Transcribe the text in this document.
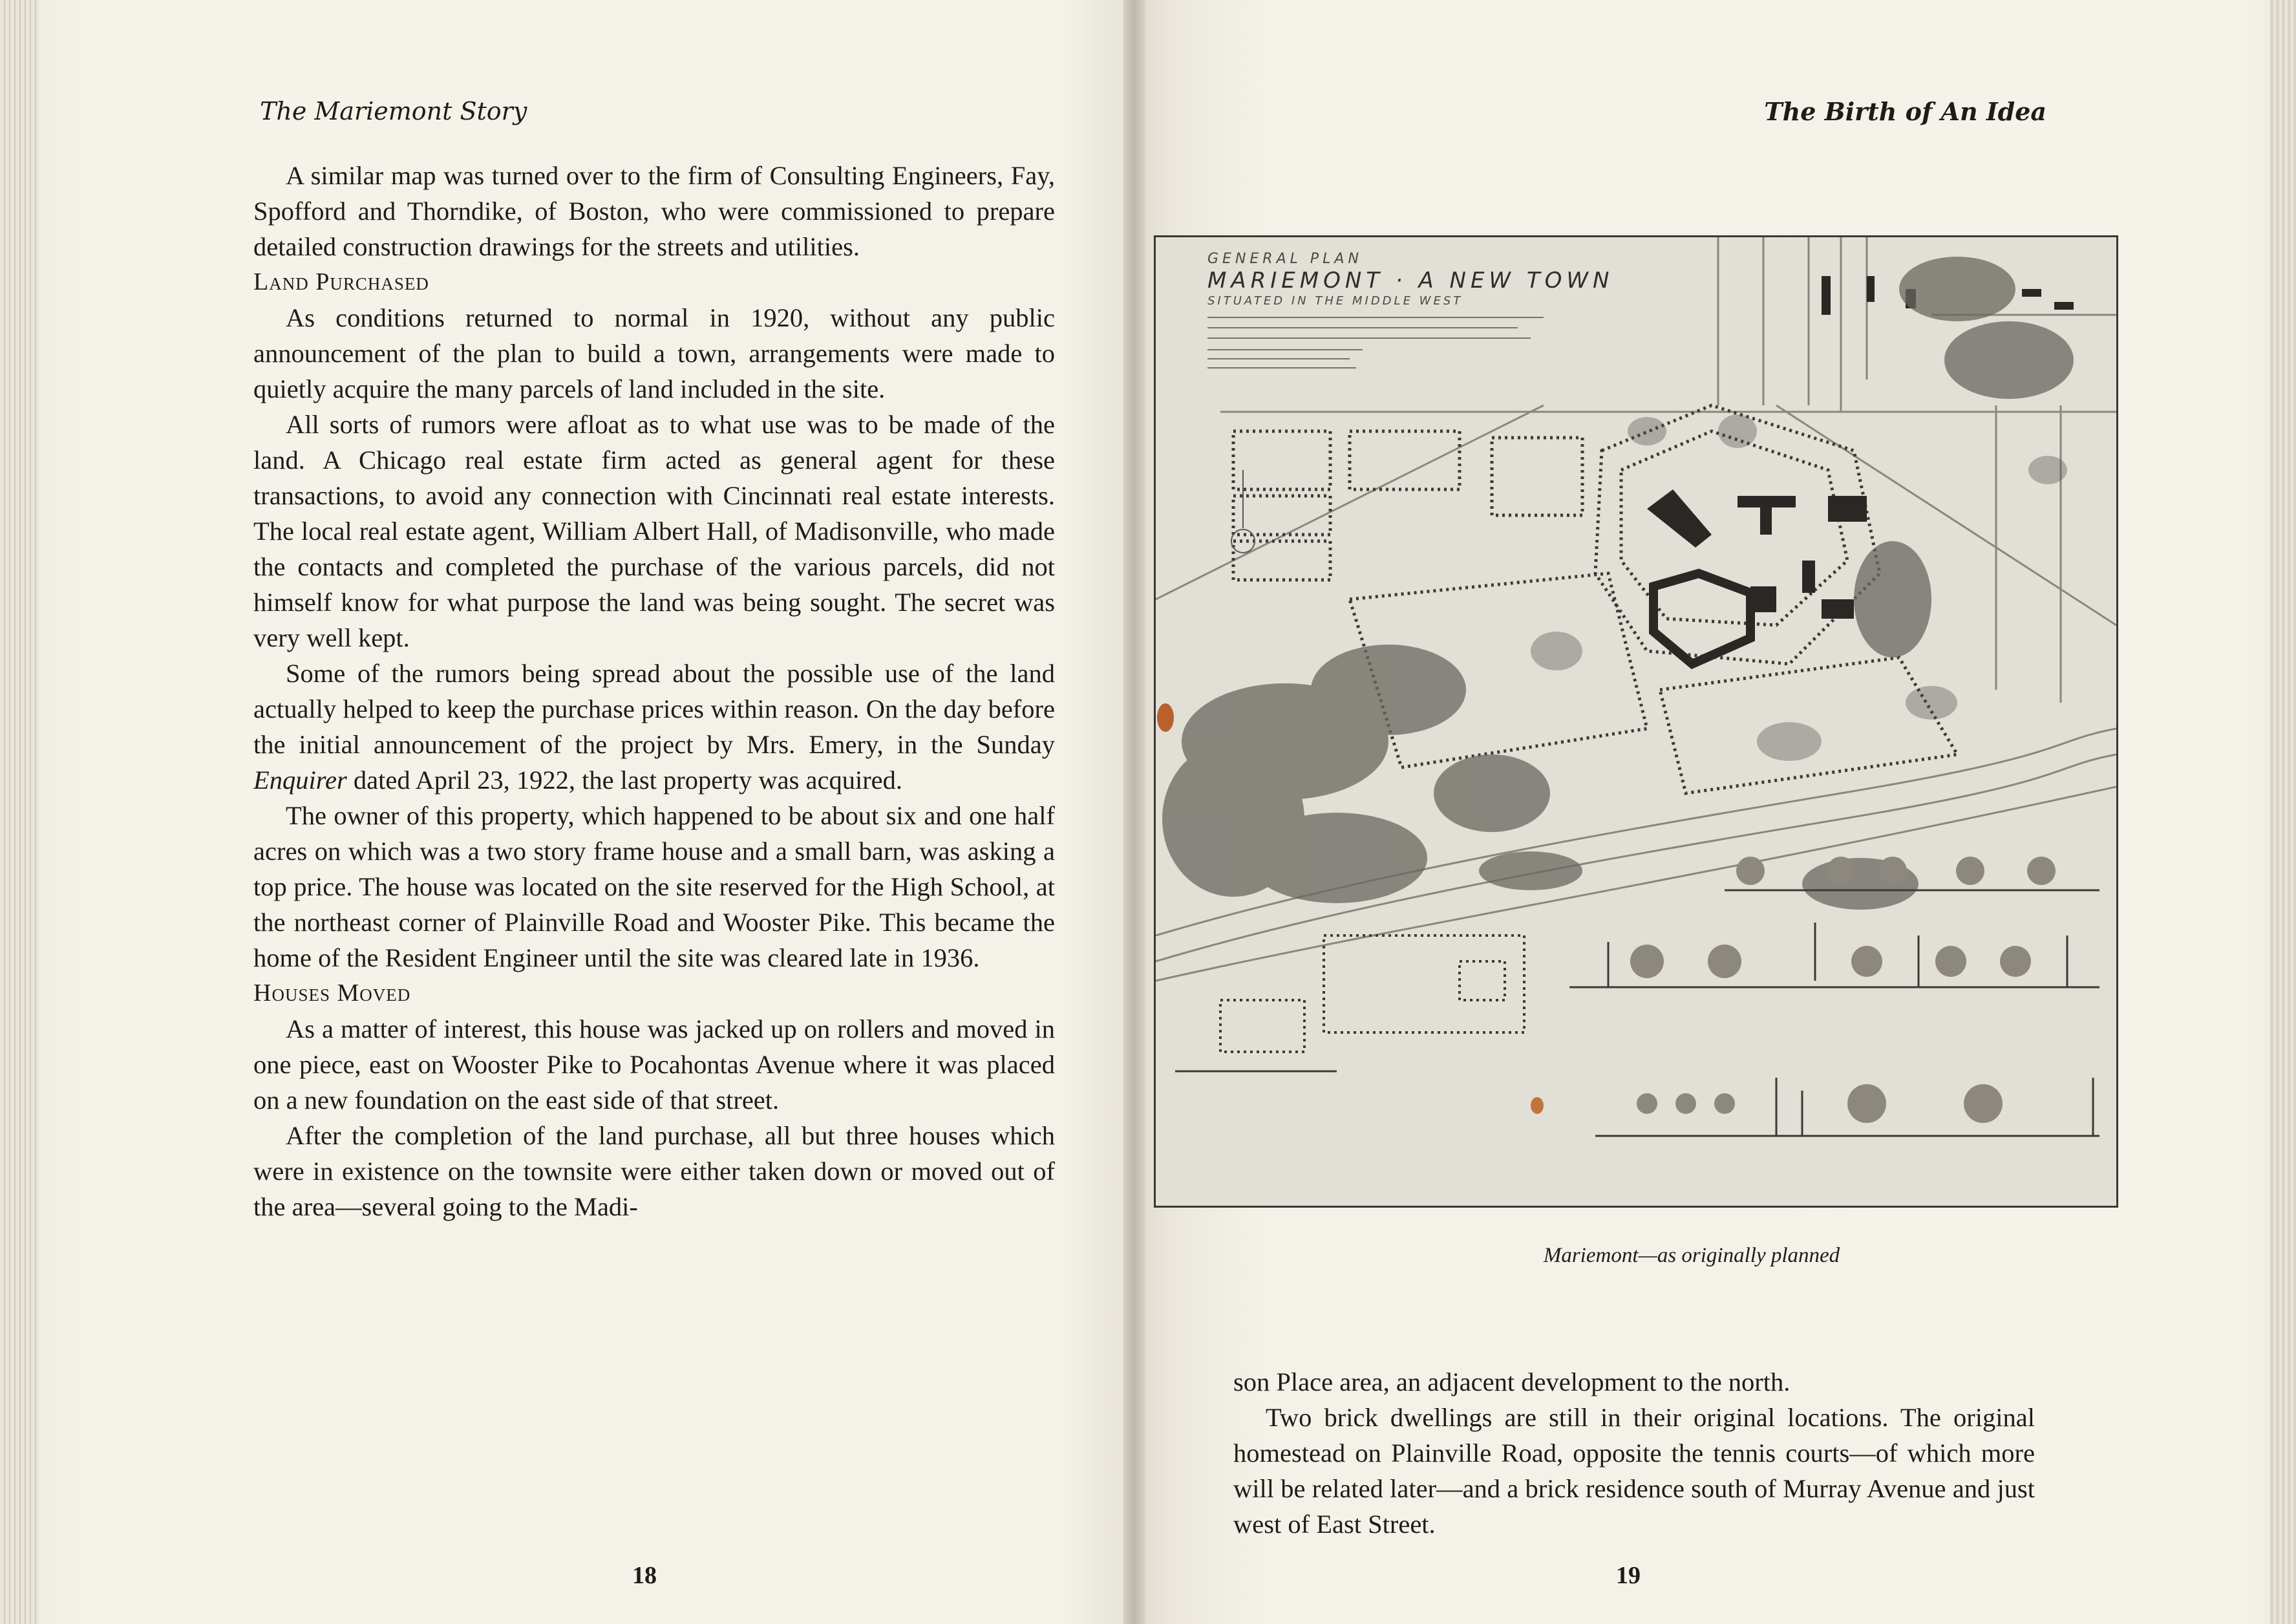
The Mariemont Story	The Birth of An Idea

A similar map was turned over to the firm of Consulting Engineers, Fay, Spofford and Thorndike, of Boston, who were commissioned to prepare detailed construction drawings for the streets and utilities.

Land Purchased

As conditions returned to normal in 1920, without any public announcement of the plan to build a town, arrangements were made to quietly acquire the many parcels of land included in the site.

All sorts of rumors were afloat as to what use was to be made of the land. A Chicago real estate firm acted as general agent for these transactions, to avoid any connection with Cincinnati real estate interests. The local real estate agent, William Albert Hall, of Madisonville, who made the contacts and completed the purchase of the various parcels, did not himself know for what purpose the land was being sought. The secret was very well kept.

Some of the rumors being spread about the possible use of the land actually helped to keep the purchase prices within reason. On the day before the initial announcement of the project by Mrs. Emery, in the Sunday Enquirer dated April 23, 1922, the last property was acquired.

The owner of this property, which happened to be about six and one half acres on which was a two story frame house and a small barn, was asking a top price. The house was located on the site reserved for the High School, at the northeast corner of Plainville Road and Wooster Pike. This became the home of the Resident Engineer until the site was cleared late in 1936.

Houses Moved

As a matter of interest, this house was jacked up on rollers and moved in one piece, east on Wooster Pike to Pocahontas Avenue where it was placed on a new foundation on the east side of that street.

After the completion of the land purchase, all but three houses which were in existence on the townsite were either taken down or moved out of the area—several going to the Madi-

18
GENERAL PLAN
MARIEMONT · A NEW TOWN
SITUATED IN THE MIDDLE WEST
Mariemont—as originally planned

son Place area, an adjacent development to the north.

Two brick dwellings are still in their original locations. The original homestead on Plainville Road, opposite the tennis courts—of which more will be related later—and a brick residence south of Murray Avenue and just west of East Street.

19
